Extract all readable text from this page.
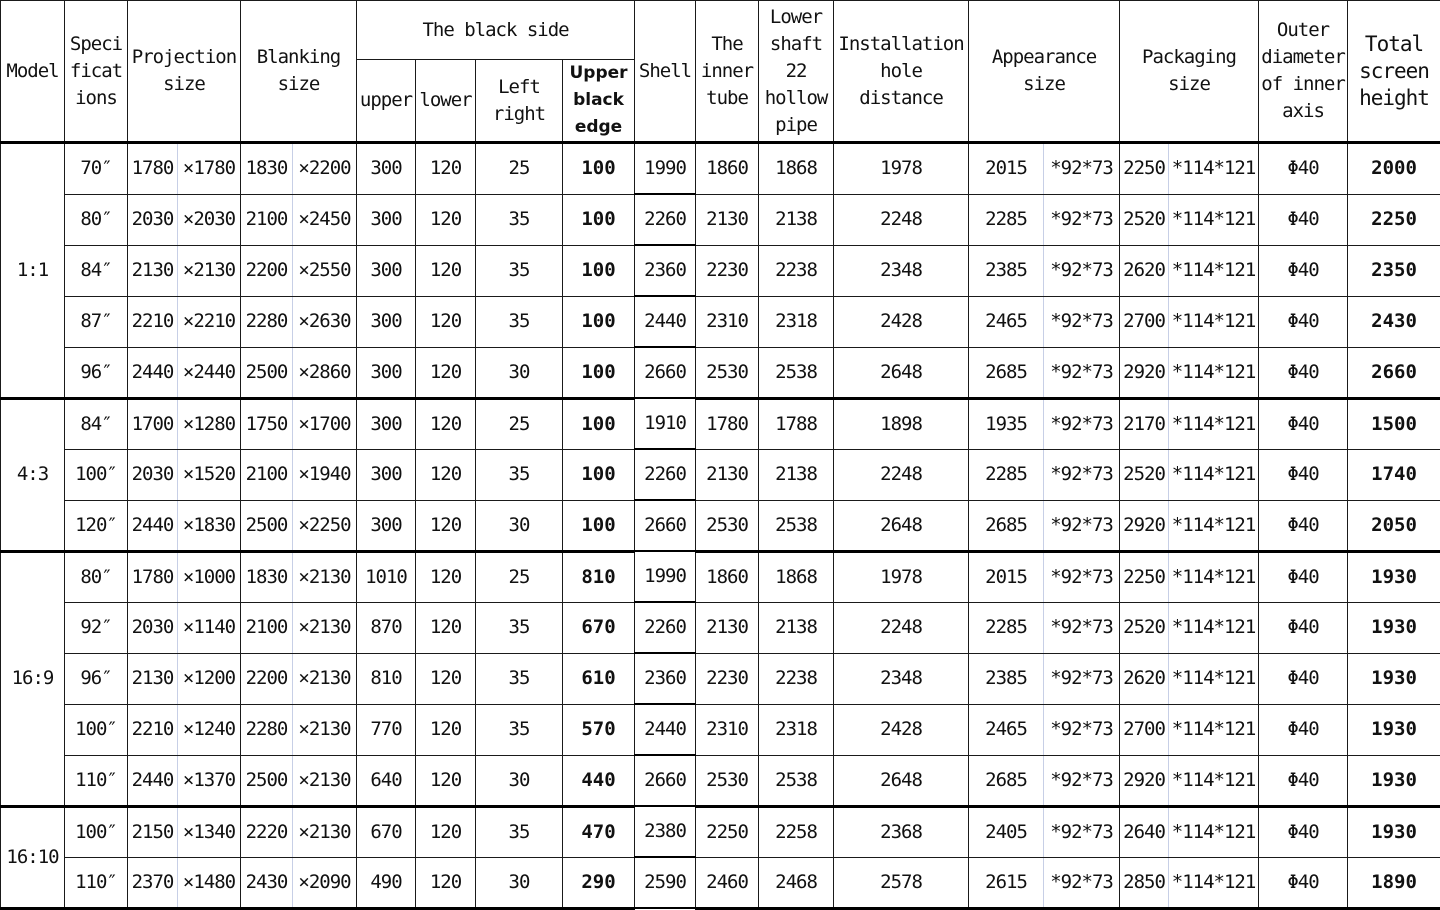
Model	Speci ficat ions	Projection size		Blanking size		The black side				Shell	The inner tube	Lower shaft 22 hollow pipe	Installation hole distance	Appearance size		Packaging size		Outer diameter of inner axis	Total screen height
						upper	lower	Left right	Upper black edge										
1:1	70″	1780	×1780	1830	×2200	300	120	25	100	1990	1860	1868	1978	2015	*92*73	2250	*114*121	Φ40	2000
	80″	2030	×2030	2100	×2450	300	120	35	100	2260	2130	2138	2248	2285	*92*73	2520	*114*121	Φ40	2250
	84″	2130	×2130	2200	×2550	300	120	35	100	2360	2230	2238	2348	2385	*92*73	2620	*114*121	Φ40	2350
	87″	2210	×2210	2280	×2630	300	120	35	100	2440	2310	2318	2428	2465	*92*73	2700	*114*121	Φ40	2430
	96″	2440	×2440	2500	×2860	300	120	30	100	2660	2530	2538	2648	2685	*92*73	2920	*114*121	Φ40	2660
4:3	84″	1700	×1280	1750	×1700	300	120	25	100	1910	1780	1788	1898	1935	*92*73	2170	*114*121	Φ40	1500
	100″	2030	×1520	2100	×1940	300	120	35	100	2260	2130	2138	2248	2285	*92*73	2520	*114*121	Φ40	1740
	120″	2440	×1830	2500	×2250	300	120	30	100	2660	2530	2538	2648	2685	*92*73	2920	*114*121	Φ40	2050
16:9	80″	1780	×1000	1830	×2130	1010	120	25	810	1990	1860	1868	1978	2015	*92*73	2250	*114*121	Φ40	1930
	92″	2030	×1140	2100	×2130	870	120	35	670	2260	2130	2138	2248	2285	*92*73	2520	*114*121	Φ40	1930
	96″	2130	×1200	2200	×2130	810	120	35	610	2360	2230	2238	2348	2385	*92*73	2620	*114*121	Φ40	1930
	100″	2210	×1240	2280	×2130	770	120	35	570	2440	2310	2318	2428	2465	*92*73	2700	*114*121	Φ40	1930
	110″	2440	×1370	2500	×2130	640	120	30	440	2660	2530	2538	2648	2685	*92*73	2920	*114*121	Φ40	1930
16:10	100″	2150	×1340	2220	×2130	670	120	35	470	2380	2250	2258	2368	2405	*92*73	2640	*114*121	Φ40	1930
	110″	2370	×1480	2430	×2090	490	120	30	290	2590	2460	2468	2578	2615	*92*73	2850	*114*121	Φ40	1890
